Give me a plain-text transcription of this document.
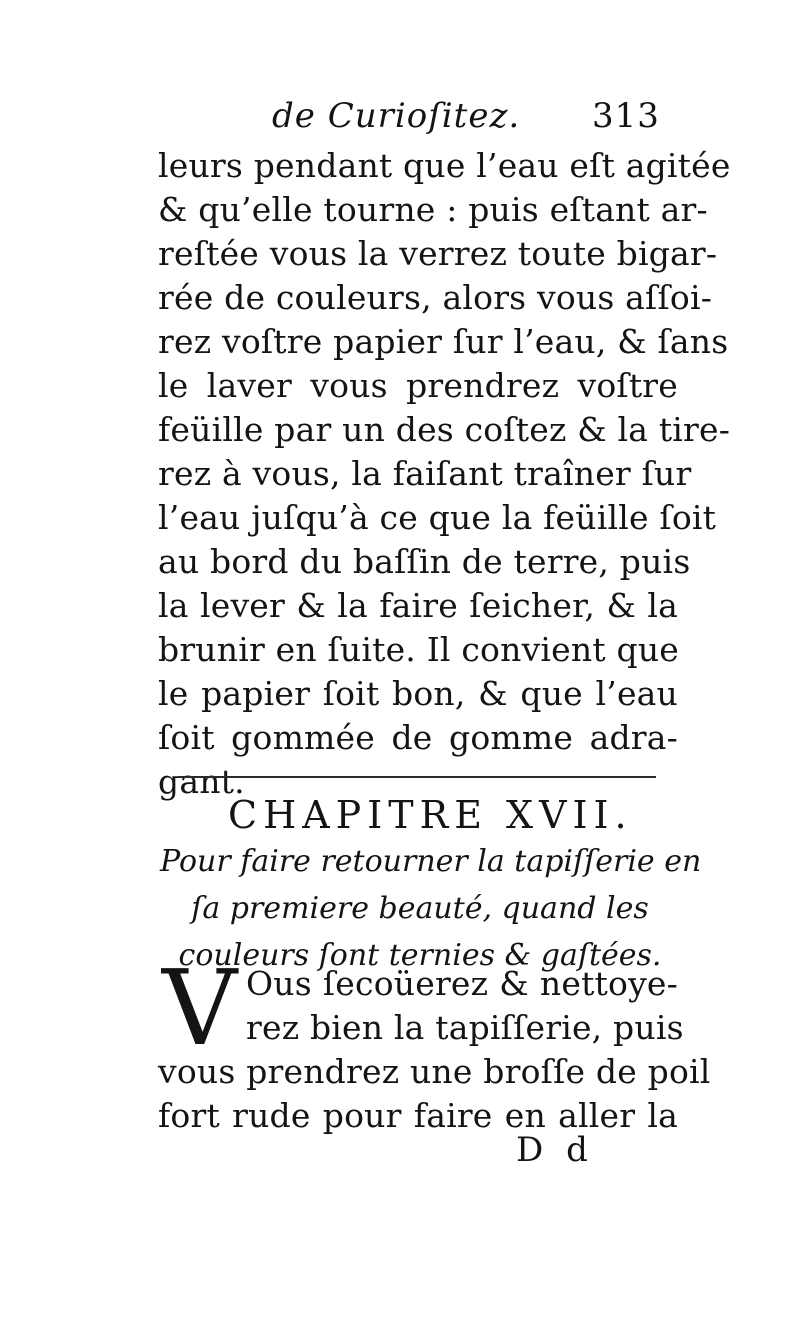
de Curioſitez. 313
leurs pendant que l’eau eſt agitée
& qu’elle tourne : puis eſtant ar-
reſtée vous la verrez toute bigar-
rée de couleurs, alors vous aſſoi-
rez voſtre papier ſur l’eau, & ſans
le laver vous prendrez voſtre
feüille par un des coſtez & la tire-
rez à vous, la faiſant traîner ſur
l’eau juſqu’à ce que la feüille ſoit
au bord du baſſin de terre, puis
la lever & la faire ſeicher, & la
brunir en ſuite. Il convient que
le papier ſoit bon, & que l’eau
ſoit gommée de gomme adra-
gant.
CHAPITRE XVII.
Pour faire retourner la tapiſſerie en
ſa premiere beauté, quand les
couleurs ſont ternies & gaſtées.
V Ous ſecoüerez & nettoye-
rez bien la tapiſſerie, puis
vous prendrez une broſſe de poil
fort rude pour faire en aller la
D d
